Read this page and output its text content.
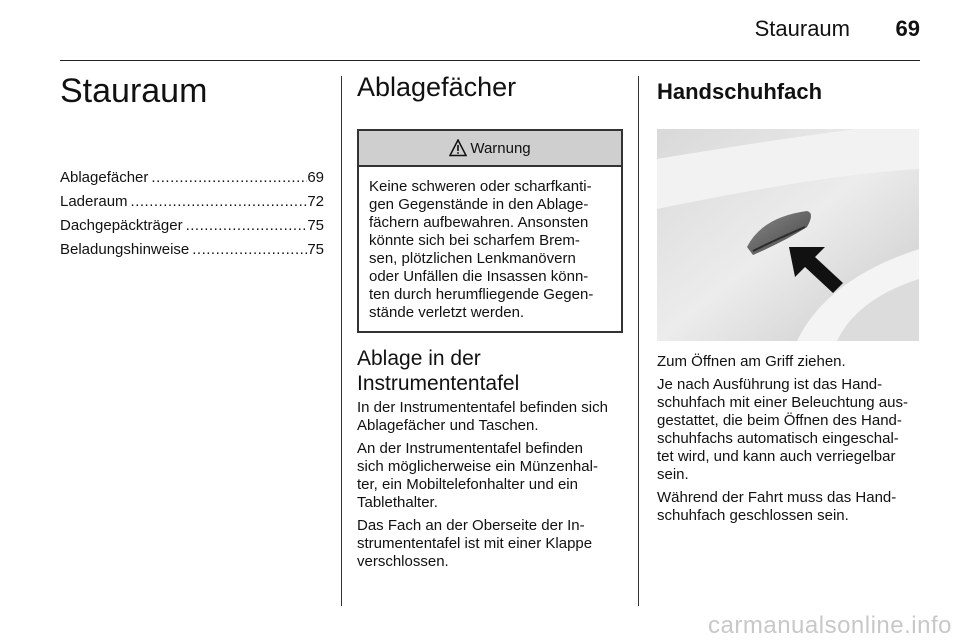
Stauraum 69
Stauraum
Ablagefächer .....	69
Laderaum .....	72
Dachgepäckträger .....	75
Beladungshinweise .....	75
Ablagefächer
Warnung
Keine schweren oder scharfkanti-
gen Gegenstände in den Ablage-
fächern aufbewahren. Ansonsten
könnte sich bei scharfem Brem-
sen, plötzlichen Lenkmanövern
oder Unfällen die Insassen könn-
ten durch herumfliegende Gegen-
stände verletzt werden.
Ablage in der
Instrumententafel

In der Instrumententafel befinden sich
Ablagefächer und Taschen.

An der Instrumententafel befinden
sich möglicherweise ein Münzenhal-
ter, ein Mobiltelefonhalter und ein
Tablethalter.

Das Fach an der Oberseite der In-
strumententafel ist mit einer Klappe
verschlossen.

Handschuhfach

Zum Öffnen am Griff ziehen.

Je nach Ausführung ist das Hand-
schuhfach mit einer Beleuchtung aus-
gestattet, die beim Öffnen des Hand-
schuhfachs automatisch eingeschal-
tet wird, und kann auch verriegelbar
sein.

Während der Fahrt muss das Hand-
schuhfach geschlossen sein.

carmanualsonline.info
